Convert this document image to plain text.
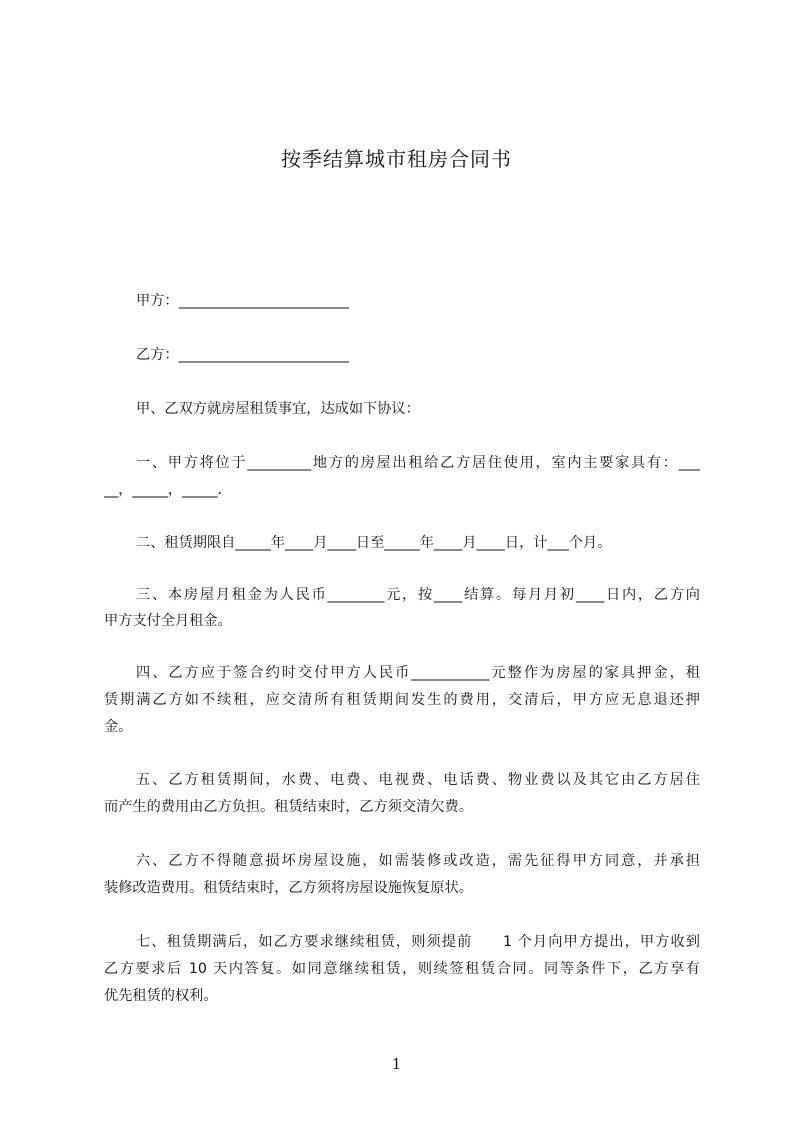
按季结算城市租房合同书
甲方：________________________
乙方：________________________
甲、乙双方就房屋租赁事宜，达成如下协议：
一、甲方将位于_________地方的房屋出租给乙方居住使用，室内主要家具有：___
__，_____，_____.
二、租赁期限自_____年____月____日至_____年____月____日，计___个月。
三、本房屋月租金为人民币________元，按____结算。每月月初____日内，乙方向
甲方支付全月租金。
四、乙方应于签合约时交付甲方人民币___________元整作为房屋的家具押金，租
赁期满乙方如不续租，应交清所有租赁期间发生的费用，交清后，甲方应无息退还押
金。
五、乙方租赁期间，水费、电费、电视费、电话费、物业费以及其它由乙方居住
而产生的费用由乙方负担。租赁结束时，乙方须交清欠费。
六、乙方不得随意损坏房屋设施，如需装修或改造，需先征得甲方同意，并承担
装修改造费用。租赁结束时，乙方须将房屋设施恢复原状。
七、租赁期满后，如乙方要求继续租赁，则须提前　　1 个月向甲方提出，甲方收到
乙方要求后 10 天内答复。如同意继续租赁，则续签租赁合同。同等条件下，乙方享有
优先租赁的权利。
1
